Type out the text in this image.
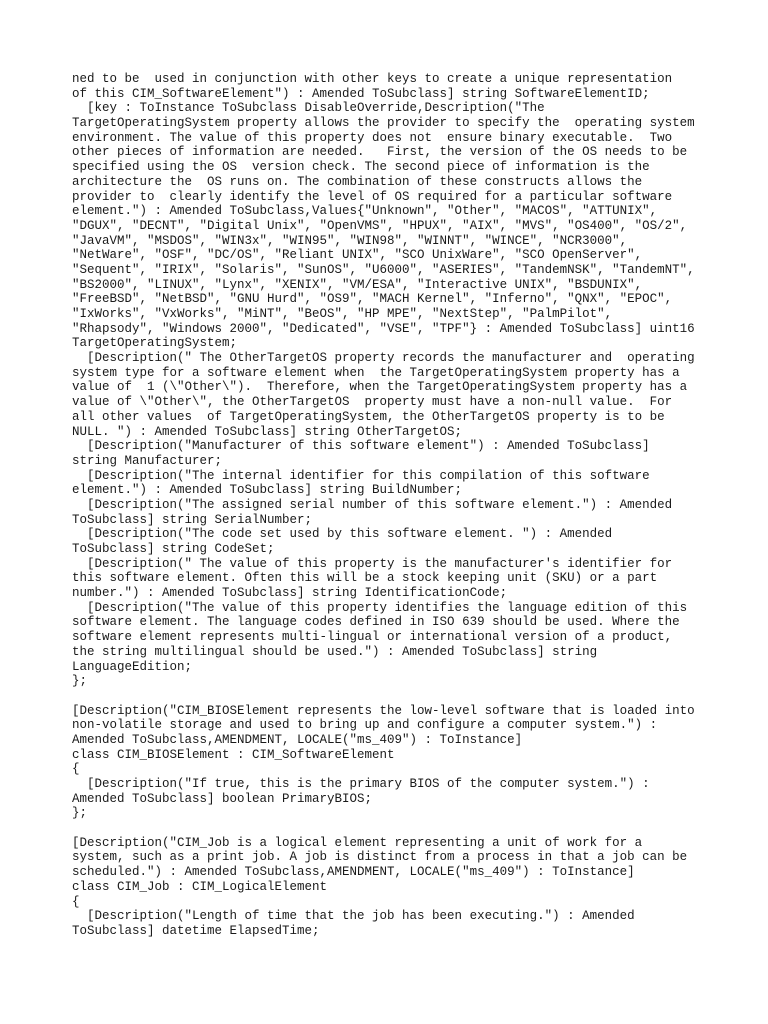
ned to be  used in conjunction with other keys to create a unique representation
of this CIM_SoftwareElement") : Amended ToSubclass] string SoftwareElementID;
[key : ToInstance ToSubclass DisableOverride,Description("The
TargetOperatingSystem property allows the provider to specify the  operating system
environment. The value of this property does not  ensure binary executable.  Two
other pieces of information are needed.   First, the version of the OS needs to be
specified using the OS  version check. The second piece of information is the
architecture the  OS runs on. The combination of these constructs allows the
provider to  clearly identify the level of OS required for a particular software
element.") : Amended ToSubclass,Values{"Unknown", "Other", "MACOS", "ATTUNIX",
"DGUX", "DECNT", "Digital Unix", "OpenVMS", "HPUX", "AIX", "MVS", "OS400", "OS/2",
"JavaVM", "MSDOS", "WIN3x", "WIN95", "WIN98", "WINNT", "WINCE", "NCR3000",
"NetWare", "OSF", "DC/OS", "Reliant UNIX", "SCO UnixWare", "SCO OpenServer",
"Sequent", "IRIX", "Solaris", "SunOS", "U6000", "ASERIES", "TandemNSK", "TandemNT",
"BS2000", "LINUX", "Lynx", "XENIX", "VM/ESA", "Interactive UNIX", "BSDUNIX",
"FreeBSD", "NetBSD", "GNU Hurd", "OS9", "MACH Kernel", "Inferno", "QNX", "EPOC",
"IxWorks", "VxWorks", "MiNT", "BeOS", "HP MPE", "NextStep", "PalmPilot",
"Rhapsody", "Windows 2000", "Dedicated", "VSE", "TPF"} : Amended ToSubclass] uint16
TargetOperatingSystem;
[Description(" The OtherTargetOS property records the manufacturer and  operating
system type for a software element when  the TargetOperatingSystem property has a
value of  1 (\"Other\").  Therefore, when the TargetOperatingSystem property has a
value of \"Other\", the OtherTargetOS  property must have a non-null value.  For
all other values  of TargetOperatingSystem, the OtherTargetOS property is to be
NULL. ") : Amended ToSubclass] string OtherTargetOS;
[Description("Manufacturer of this software element") : Amended ToSubclass]
string Manufacturer;
[Description("The internal identifier for this compilation of this software
element.") : Amended ToSubclass] string BuildNumber;
[Description("The assigned serial number of this software element.") : Amended
ToSubclass] string SerialNumber;
[Description("The code set used by this software element. ") : Amended
ToSubclass] string CodeSet;
[Description(" The value of this property is the manufacturer's identifier for
this software element. Often this will be a stock keeping unit (SKU) or a part
number.") : Amended ToSubclass] string IdentificationCode;
[Description("The value of this property identifies the language edition of this
software element. The language codes defined in ISO 639 should be used. Where the
software element represents multi-lingual or international version of a product,
the string multilingual should be used.") : Amended ToSubclass] string
LanguageEdition;
};
[Description("CIM_BIOSElement represents the low-level software that is loaded into
non-volatile storage and used to bring up and configure a computer system.") :
Amended ToSubclass,AMENDMENT, LOCALE("ms_409") : ToInstance]
class CIM_BIOSElement : CIM_SoftwareElement
{
[Description("If true, this is the primary BIOS of the computer system.") :
Amended ToSubclass] boolean PrimaryBIOS;
};
[Description("CIM_Job is a logical element representing a unit of work for a
system, such as a print job. A job is distinct from a process in that a job can be
scheduled.") : Amended ToSubclass,AMENDMENT, LOCALE("ms_409") : ToInstance]
class CIM_Job : CIM_LogicalElement
{
[Description("Length of time that the job has been executing.") : Amended
ToSubclass] datetime ElapsedTime;
